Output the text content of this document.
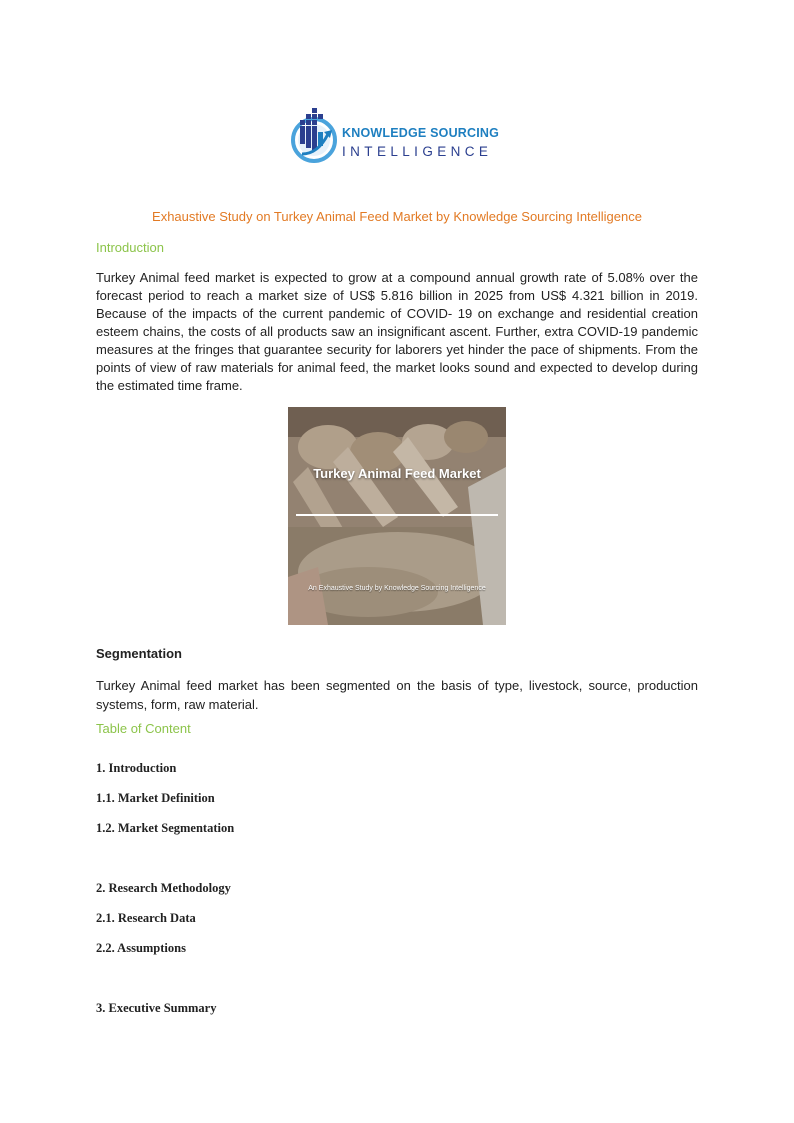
KNOWLEDGE SOURCING
INTELLIGENCE
Exhaustive Study on Turkey Animal Feed Market by Knowledge Sourcing Intelligence
Introduction

Turkey Animal feed market is expected to grow at a compound annual growth rate of 5.08% over the forecast period to reach a market size of US$ 5.816 billion in 2025 from US$ 4.321 billion in 2019. Because of the impacts of the current pandemic of COVID- 19 on exchange and residential creation esteem chains, the costs of all products saw an insignificant ascent. Further, extra COVID-19 pandemic measures at the fringes that guarantee security for laborers yet hinder the pace of shipments. From the points of view of raw materials for animal feed, the market looks sound and expected to develop during the estimated time frame.

Turkey Animal Feed Market
An Exhaustive Study by Knowledge Sourcing Intelligence
Segmentation

Turkey Animal feed market has been segmented on the basis of type, livestock, source, production systems, form, raw material.

Table of Content
1. Introduction
1.1. Market Definition
1.2. Market Segmentation
2. Research Methodology
2.1. Research Data
2.2. Assumptions
3. Executive Summary
